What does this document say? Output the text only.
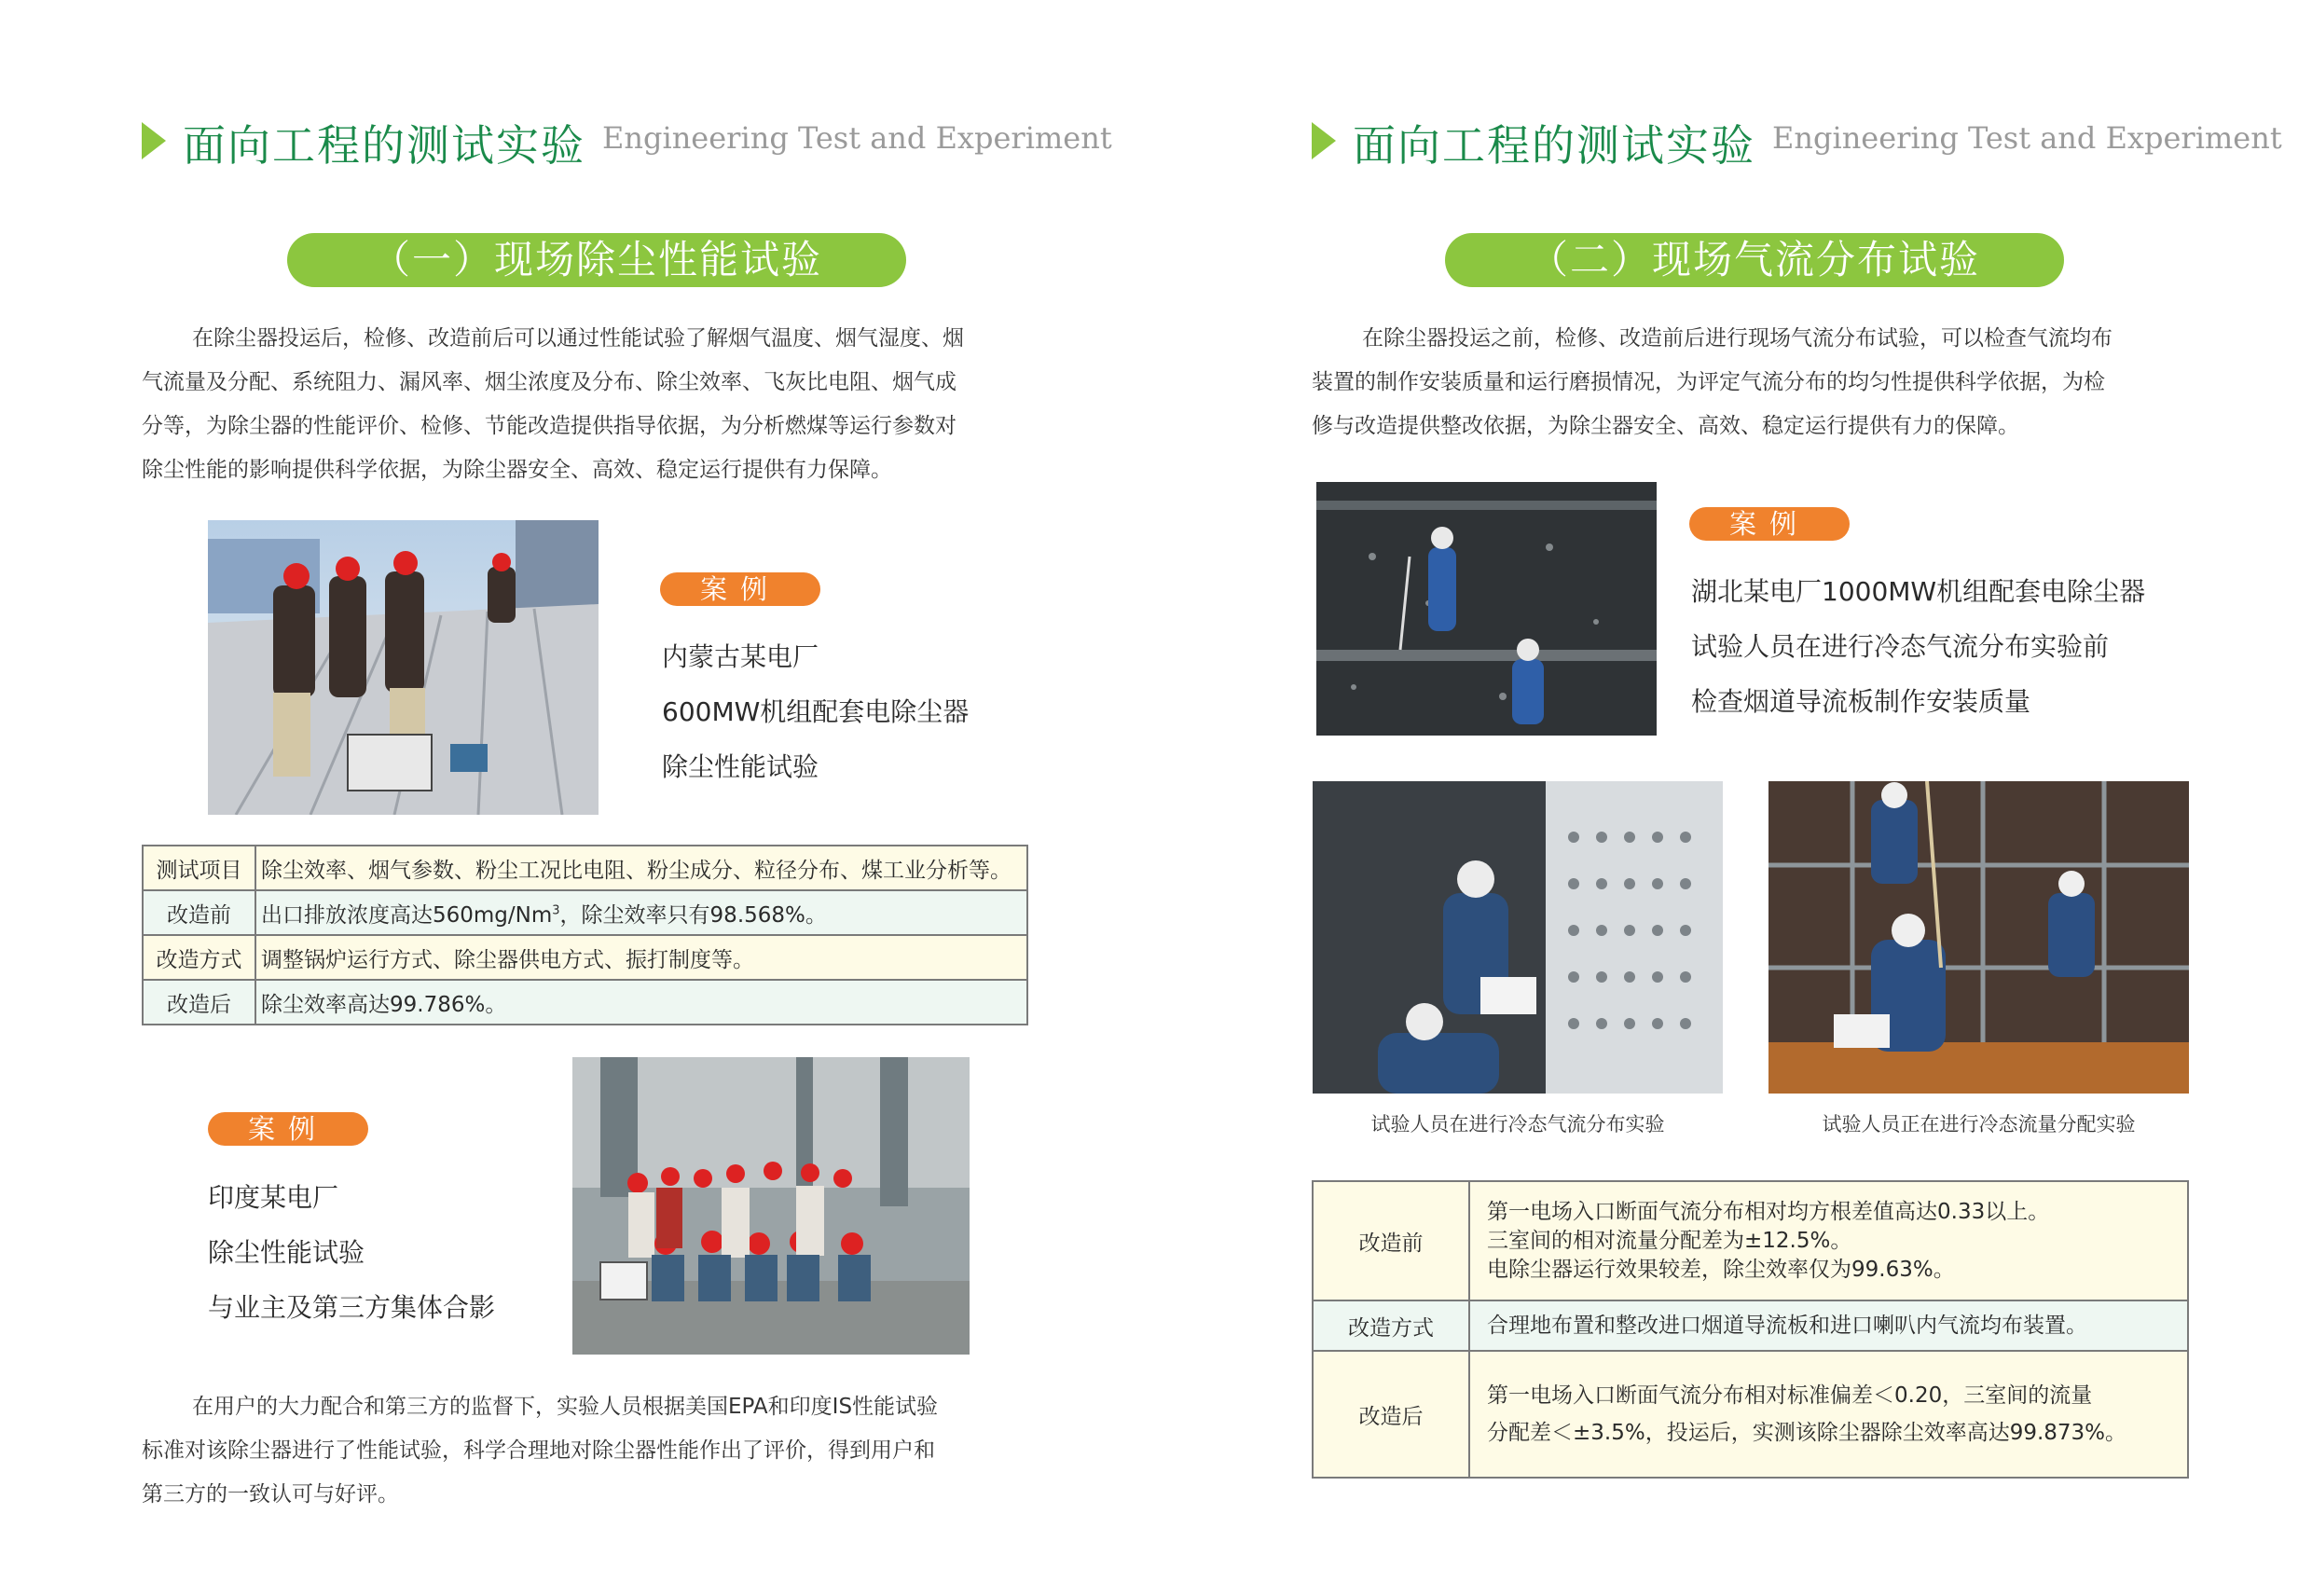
面向工程的测试实验 Engineering Test and Experiment
（一）现场除尘性能试验
在除尘器投运后，检修、改造前后可以通过性能试验了解烟气温度、烟气湿度、烟
气流量及分配、系统阻力、漏风率、烟尘浓度及分布、除尘效率、飞灰比电阻、烟气成
分等，为除尘器的性能评价、检修、节能改造提供指导依据，为分析燃煤等运行参数对
除尘性能的影响提供科学依据，为除尘器安全、高效、稳定运行提供有力保障。
案例
内蒙古某电厂
600MW机组配套电除尘器
除尘性能试验
测试项目	除尘效率、烟气参数、粉尘工况比电阻、粉尘成分、粒径分布、煤工业分析等。
改造前	出口排放浓度高达560mg/Nm$^3$，除尘效率只有98.568%。
改造方式	调整锅炉运行方式、除尘器供电方式、振打制度等。
改造后	除尘效率高达99.786%。
案例
印度某电厂
除尘性能试验
与业主及第三方集体合影
在用户的大力配合和第三方的监督下，实验人员根据美国EPA和印度IS性能试验
标准对该除尘器进行了性能试验，科学合理地对除尘器性能作出了评价，得到用户和
第三方的一致认可与好评。
面向工程的测试实验 Engineering Test and Experiment
（二）现场气流分布试验
在除尘器投运之前，检修、改造前后进行现场气流分布试验，可以检查气流均布
装置的制作安装质量和运行磨损情况，为评定气流分布的均匀性提供科学依据，为检
修与改造提供整改依据，为除尘器安全、高效、稳定运行提供有力的保障。
案例
湖北某电厂1000MW机组配套电除尘器
试验人员在进行冷态气流分布实验前
检查烟道导流板制作安装质量
试验人员在进行冷态气流分布实验	试验人员正在进行冷态流量分配实验
改造前	第一电场入口断面气流分布相对均方根差值高达0.33以上。
三室间的相对流量分配差为±12.5%。
电除尘器运行效果较差，除尘效率仅为99.63%。

改造方式	合理地布置和整改进口烟道导流板和进口喇叭内气流均布装置。

改造后	第一电场入口断面气流分布相对标准偏差＜0.20，三室间的流量
分配差＜±3.5%，投运后，实测该除尘器除尘效率高达99.873%。
